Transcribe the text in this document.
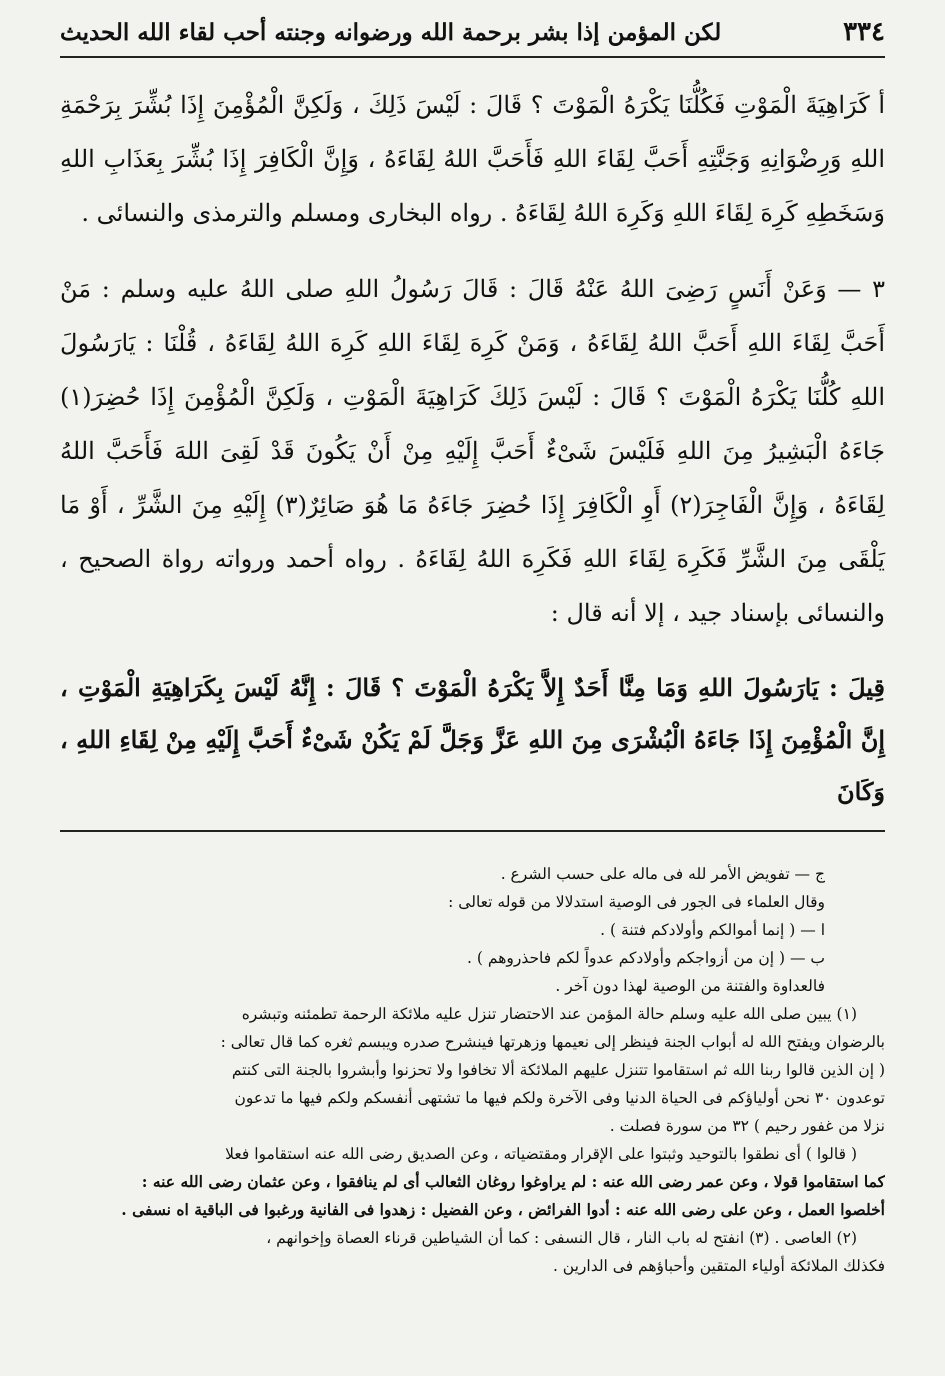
٣٣٤
لكن المؤمن إذا بشر برحمة الله ورضوانه وجنته أحب لقاء الله الحديث

أ كَرَاهِيَةَ الْمَوْتِ فَكُلُّنَا يَكْرَهُ الْمَوْتَ ؟ قَالَ : لَيْسَ ذَلِكَ ، وَلَكِنَّ الْمُؤْمِنَ إِذَا بُشِّرَ بِرَحْمَةِ اللهِ وَرِضْوَانِهِ وَجَنَّتِهِ أَحَبَّ لِقَاءَ اللهِ فَأَحَبَّ اللهُ لِقَاءَهُ ، وَإِنَّ الْكَافِرَ إِذَا بُشِّرَ بِعَذَابِ اللهِ وَسَخَطِهِ كَرِهَ لِقَاءَ اللهِ وَكَرِهَ اللهُ لِقَاءَهُ . رواه البخارى ومسلم والترمذى والنسائى .

٣ — وَعَنْ أَنَسٍ رَضِىَ اللهُ عَنْهُ قَالَ : قَالَ رَسُولُ اللهِ صلى اللهُ عليه وسلم : مَنْ أَحَبَّ لِقَاءَ اللهِ أَحَبَّ اللهُ لِقَاءَهُ ، وَمَنْ كَرِهَ لِقَاءَ اللهِ كَرِهَ اللهُ لِقَاءَهُ ، قُلْنَا : يَارَسُولَ اللهِ كُلُّنَا يَكْرَهُ الْمَوْتَ ؟ قَالَ : لَيْسَ ذَلِكَ كَرَاهِيَةَ الْمَوْتِ ، وَلَكِنَّ الْمُؤْمِنَ إِذَا حُضِرَ(١) جَاءَهُ الْبَشِيرُ مِنَ اللهِ فَلَيْسَ شَىْءٌ أَحَبَّ إِلَيْهِ مِنْ أَنْ يَكُونَ قَدْ لَقِىَ اللهَ فَأَحَبَّ اللهُ لِقَاءَهُ ، وَإِنَّ الْفَاجِرَ(٢) أَوِ الْكَافِرَ إِذَا حُضِرَ جَاءَهُ مَا هُوَ صَائِرٌ(٣) إِلَيْهِ مِنَ الشَّرِّ ، أَوْ مَا يَلْقَى مِنَ الشَّرِّ فَكَرِهَ لِقَاءَ اللهِ فَكَرِهَ اللهُ لِقَاءَهُ . رواه أحمد ورواته رواة الصحيح ، والنسائى بإسناد جيد ، إلا أنه قال :

قِيلَ : يَارَسُولَ اللهِ وَمَا مِنَّا أَحَدٌ إِلاَّ يَكْرَهُ الْمَوْتَ ؟ قَالَ : إِنَّهُ لَيْسَ بِكَرَاهِيَةِ الْمَوْتِ ، إِنَّ الْمُؤْمِنَ إِذَا جَاءَهُ الْبُشْرَى مِنَ اللهِ عَزَّ وَجَلَّ لَمْ يَكُنْ شَىْءٌ أَحَبَّ إِلَيْهِ مِنْ لِقَاءِ اللهِ ، وَكَانَ

ج — تفويض الأمر لله فى ماله على حسب الشرع .
وقال العلماء فى الجور فى الوصية استدلالا من قوله تعالى :
ا — ( إنما أموالكم وأولادكم فتنة ) .
ب — ( إن من أزواجكم وأولادكم عدواً لكم فاحذروهم ) .
فالعداوة والفتنة من الوصية لهذا دون آخر .
(١) يبين صلى الله عليه وسلم حالة المؤمن عند الاحتضار تنزل عليه ملائكة الرحمة تطمئنه وتبشره
بالرضوان ويفتح الله له أبواب الجنة فينظر إلى نعيمها وزهرتها فينشرح صدره ويبسم ثغره كما قال تعالى :
( إن الذين قالوا ربنا الله ثم استقاموا تتنزل عليهم الملائكة ألا تخافوا ولا تحزنوا وأبشروا بالجنة التى كنتم
توعدون ٣٠ نحن أولياؤكم فى الحياة الدنيا وفى الآخرة ولكم فيها ما تشتهى أنفسكم ولكم فيها ما تدعون
نزلا من غفور رحيم ) ٣٢ من سورة فصلت .
( قالوا ) أى نطقوا بالتوحيد وثبتوا على الإقرار ومقتضياته ، وعن الصديق رضى الله عنه استقاموا فعلا
كما استقاموا قولا ، وعن عمر رضى الله عنه : لم يراوغوا روغان الثعالب أى لم ينافقوا ، وعن عثمان رضى الله عنه :
أخلصوا العمل ، وعن على رضى الله عنه : أدوا الفرائض ، وعن الفضيل : زهدوا فى الفانية ورغبوا فى الباقية اه نسفى .
(٢) العاصى . (٣) انفتح له باب النار ، قال النسفى : كما أن الشياطين قرناء العصاة وإخوانهم ،
فكذلك الملائكة أولياء المتقين وأحباؤهم فى الدارين .
